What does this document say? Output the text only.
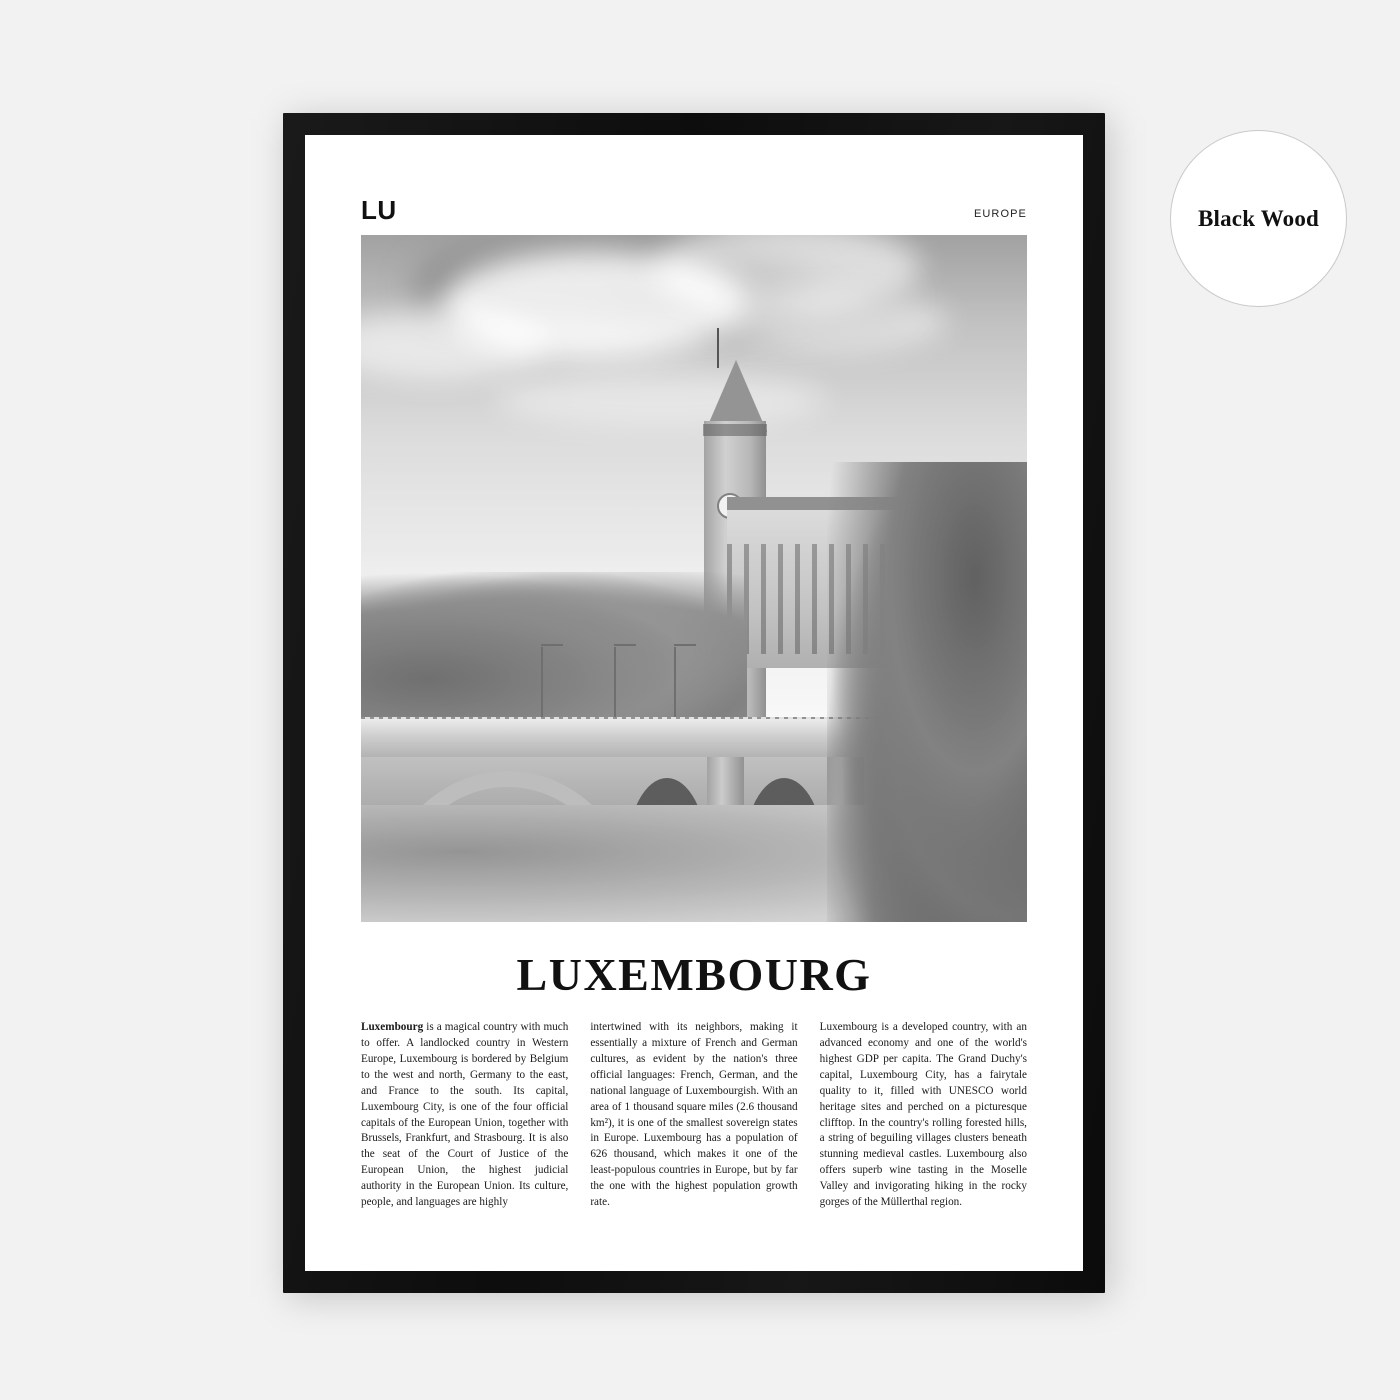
LU	EUROPE
LUXEMBOURG
Luxembourg is a magical country with much to offer. A landlocked country in Western Europe, Luxembourg is bordered by Belgium to the west and north, Germany to the east, and France to the south. Its capital, Luxembourg City, is one of the four official capitals of the European Union, together with Brussels, Frankfurt, and Strasbourg. It is also the seat of the Court of Justice of the European Union, the highest judicial authority in the European Union. Its culture, people, and languages are highly
intertwined with its neighbors, making it essentially a mixture of French and German cultures, as evident by the nation's three official languages: French, German, and the national language of Luxembourgish. With an area of 1 thousand square miles (2.6 thousand km²), it is one of the smallest sovereign states in Europe. Luxembourg has a population of 626 thousand, which makes it one of the least-populous countries in Europe, but by far the one with the highest population growth rate.
Luxembourg is a developed country, with an advanced economy and one of the world's highest GDP per capita. The Grand Duchy's capital, Luxembourg City, has a fairytale quality to it, filled with UNESCO world heritage sites and perched on a picturesque clifftop. In the country's rolling forested hills, a string of beguiling villages clusters beneath stunning medieval castles. Luxembourg also offers superb wine tasting in the Moselle Valley and invigorating hiking in the rocky gorges of the Müllerthal region.
Black Wood
